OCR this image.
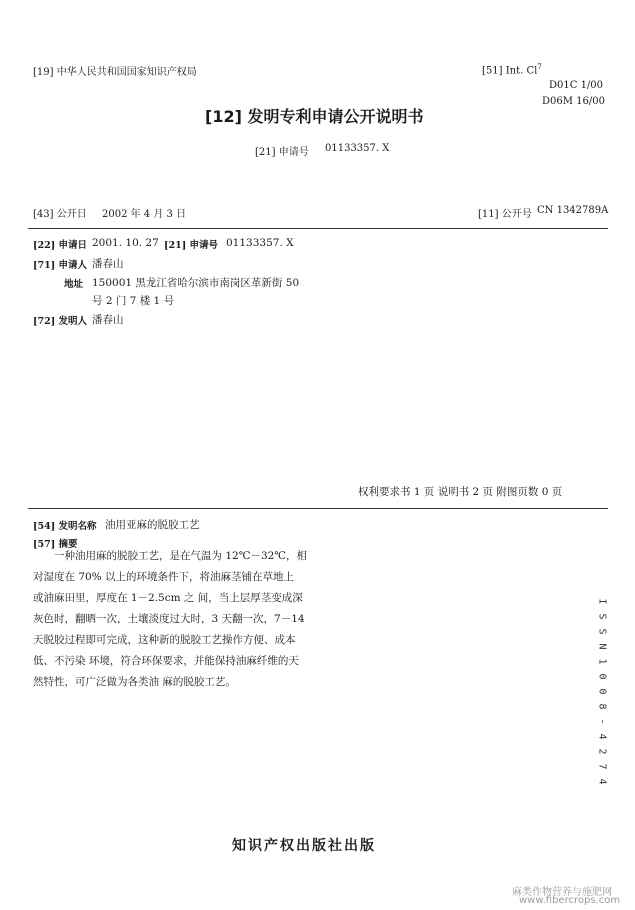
[19] 中华人民共和国国家知识产权局	[51] Int. Cl$^7$
D01C 1/00
D06M 16/00
[12] 发明专利申请公开说明书
[21] 申请号 01133357. X
[43] 公开日 2002 年 4 月 3 日	[11] 公开号 CN 1342789A
[22] 申请日 2001. 10. 27 [21] 申请号 01133357. X
[71] 申请人 潘春山
地址 150001 黑龙江省哈尔滨市南岗区革新街 50
号 2 门 7 楼 1 号
[72] 发明人 潘春山
权利要求书 1 页 说明书 2 页 附图页数 0 页
[54] 发明名称 油用亚麻的脱胶工艺
[57] 摘要

一种油用麻的脱胶工艺，是在气温为 12℃－32℃，相

对湿度在 70% 以上的环境条件下，将油麻茎铺在草地上

或油麻田里，厚度在 1－2.5cm 之 间，当上层厚茎变成深

灰色时，翻晒一次，土壤淡度过大时，3 天翻一次，7－14

天脱胶过程即可完成，这种新的脱胶工艺操作方便、成本

低、不污染 环境，符合环保要求，并能保持油麻纤维的天

然特性，可广泛做为各类油 麻的脱胶工艺。

I
S
S
N
1
0
0
8
-
4
2
7
4
知识产权出版社出版
麻类作物营养与施肥网
www.fibercrops.com
